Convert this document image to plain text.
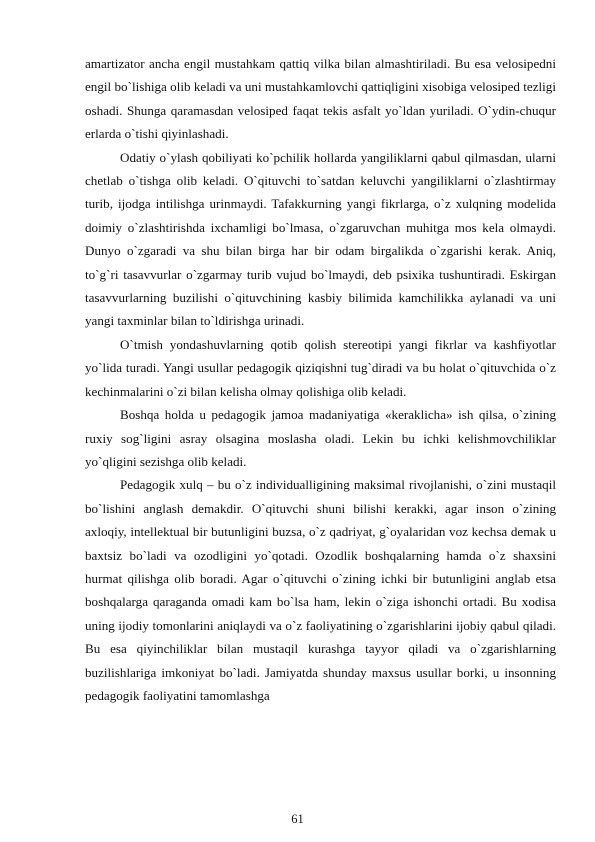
amartizator ancha engil mustahkam qattiq vilka bilan almashtiriladi. Bu esa velosipedni engil bo`lishiga olib keladi va uni mustahkamlovchi qattiqligini xisobiga velosiped tezligi oshadi. Shunga qaramasdan velosiped faqat tekis asfalt yo`ldan yuriladi. O`ydin-chuqur erlarda o`tishi qiyinlashadi.

Odatiy o`ylash qobiliyati ko`pchilik hollarda yangiliklarni qabul qilmasdan, ularni chetlab o`tishga olib keladi. O`qituvchi to`satdan keluvchi yangiliklarni o`zlashtirmay turib, ijodga intilishga urinmaydi. Tafakkurning yangi fikrlarga, o`z xulqning modelida doimiy o`zlashtirishda ixchamligi bo`lmasa, o`zgaruvchan muhitga mos kela olmaydi. Dunyo o`zgaradi va shu bilan birga har bir odam birgalikda o`zgarishi kerak. Aniq, to`g`ri tasavvurlar o`zgarmay turib vujud bo`lmaydi, deb psixika tushuntiradi. Eskirgan tasavvurlarning buzilishi o`qituvchining kasbiy bilimida kamchilikka aylanadi va uni yangi taxminlar bilan to`ldirishga urinadi.

O`tmish yondashuvlarning qotib qolish stereotipi yangi fikrlar va kashfiyotlar yo`lida turadi. Yangi usullar pedagogik qiziqishni tug`diradi va bu holat o`qituvchida o`z kechinmalarini o`zi bilan kelisha olmay qolishiga olib keladi.

Boshqa holda u pedagogik jamoa madaniyatiga «keraklicha» ish qilsa, o`zining ruxiy sog`ligini asray olsagina moslasha oladi. Lekin bu ichki kelishmovchiliklar yo`qligini sezishga olib keladi.

Pedagogik xulq – bu o`z individualligining maksimal rivojlanishi, o`zini mustaqil bo`lishini anglash demakdir. O`qituvchi shuni bilishi kerakki, agar inson o`zining axloqiy, intellektual bir butunligini buzsa, o`z qadriyat, g`oyalaridan voz kechsa demak u baxtsiz bo`ladi va ozodligini yo`qotadi. Ozodlik boshqalarning hamda o`z shaxsini hurmat qilishga olib boradi. Agar o`qituvchi o`zining ichki bir butunligini anglab etsa boshqalarga qaraganda omadi kam bo`lsa ham, lekin o`ziga ishonchi ortadi. Bu xodisa uning ijodiy tomonlarini aniqlaydi va o`z faoliyatining o`zgarishlarini ijobiy qabul qiladi. Bu esa qiyinchiliklar bilan mustaqil kurashga tayyor qiladi va o`zgarishlarning buzilishlariga imkoniyat bo`ladi. Jamiyatda shunday maxsus usullar borki, u insonning pedagogik faoliyatini tamomlashga

61
